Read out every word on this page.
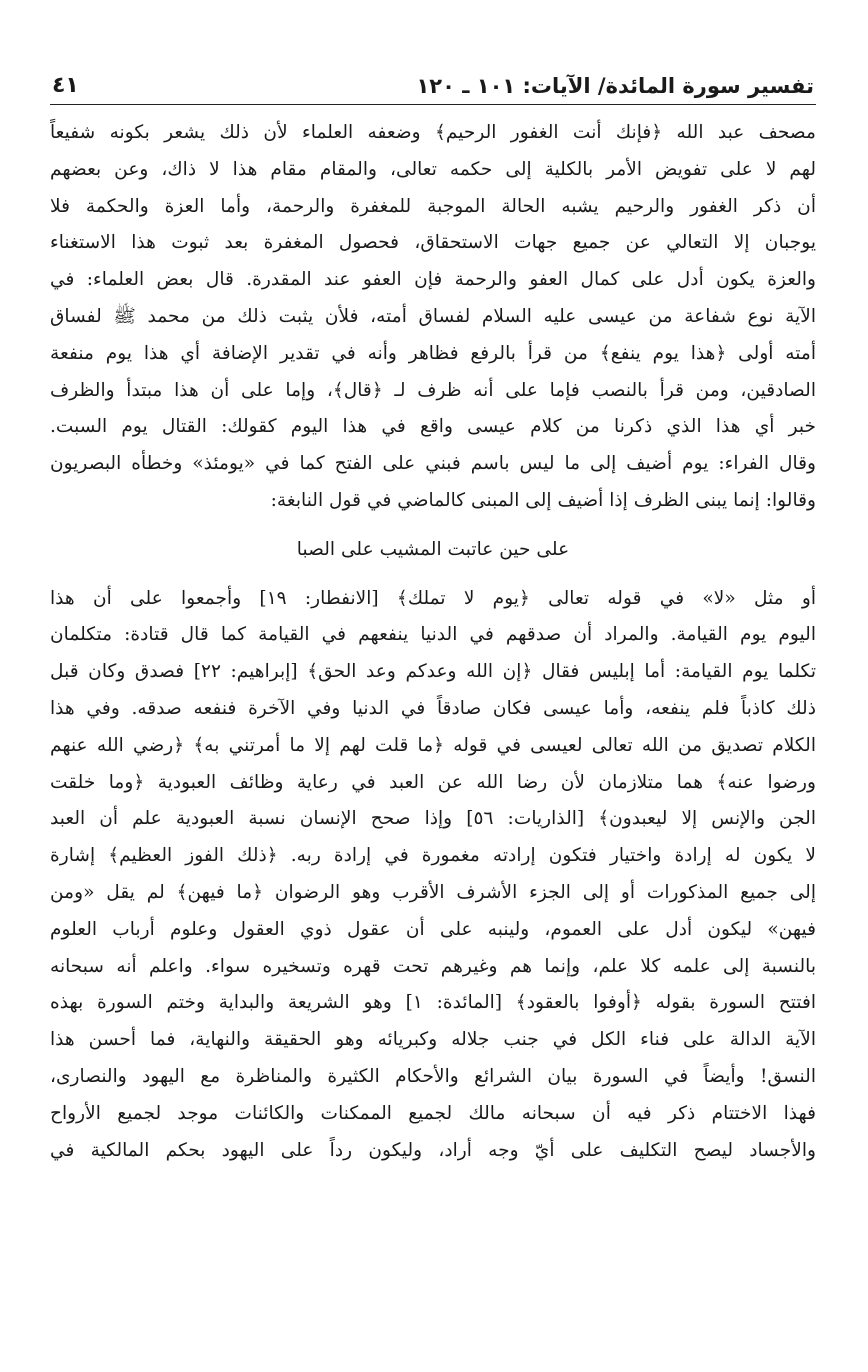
تفسير سورة المائدة/ الآيات: ١٠١ ـ ١٢٠
٤١
مصحف عبد الله ﴿فإنك أنت الغفور الرحيم﴾ وضعفه العلماء لأن ذلك يشعر بكونه شفيعاً
لهم لا على تفويض الأمر بالكلية إلى حكمه تعالى، والمقام مقام هذا لا ذاك، وعن بعضهم
أن ذكر الغفور والرحيم يشبه الحالة الموجبة للمغفرة والرحمة، وأما العزة والحكمة فلا
يوجبان إلا التعالي عن جميع جهات الاستحقاق، فحصول المغفرة بعد ثبوت هذا الاستغناء
والعزة يكون أدل على كمال العفو والرحمة فإن العفو عند المقدرة. قال بعض العلماء: في
الآية نوع شفاعة من عيسى عليه السلام لفساق أمته، فلأن يثبت ذلك من محمد ﷺ لفساق
أمته أولى ﴿هذا يوم ينفع﴾ من قرأ بالرفع فظاهر وأنه في تقدير الإضافة أي هذا يوم منفعة
الصادقين، ومن قرأ بالنصب فإما على أنه ظرف لـ ﴿قال﴾، وإما على أن هذا مبتدأ والظرف
خبر أي هذا الذي ذكرنا من كلام عيسى واقع في هذا اليوم كقولك: القتال يوم السبت.
وقال الفراء: يوم أضيف إلى ما ليس باسم فبني على الفتح كما في «يومئذ» وخطأه البصريون
وقالوا: إنما يبنى الظرف إذا أضيف إلى المبنى كالماضي في قول النابغة:
على حين عاتبت المشيب على الصبا
أو مثل «لا» في قوله تعالى ﴿يوم لا تملك﴾ [الانفطار: ١٩] وأجمعوا على أن هذا
اليوم يوم القيامة. والمراد أن صدقهم في الدنيا ينفعهم في القيامة كما قال قتادة: متكلمان
تكلما يوم القيامة: أما إبليس فقال ﴿إن الله وعدكم وعد الحق﴾ [إبراهيم: ٢٢] فصدق وكان قبل
ذلك كاذباً فلم ينفعه، وأما عيسى فكان صادقاً في الدنيا وفي الآخرة فنفعه صدقه. وفي هذا
الكلام تصديق من الله تعالى لعيسى في قوله ﴿ما قلت لهم إلا ما أمرتني به﴾ ﴿رضي الله عنهم
ورضوا عنه﴾ هما متلازمان لأن رضا الله عن العبد في رعاية وظائف العبودية ﴿وما خلقت
الجن والإنس إلا ليعبدون﴾ [الذاريات: ٥٦] وإذا صحح الإنسان نسبة العبودية علم أن العبد
لا يكون له إرادة واختيار فتكون إرادته مغمورة في إرادة ربه. ﴿ذلك الفوز العظيم﴾ إشارة
إلى جميع المذكورات أو إلى الجزء الأشرف الأقرب وهو الرضوان ﴿ما فيهن﴾ لم يقل «ومن
فيهن» ليكون أدل على العموم، ولينبه على أن عقول ذوي العقول وعلوم أرباب العلوم
بالنسبة إلى علمه كلا علم، وإنما هم وغيرهم تحت قهره وتسخيره سواء. واعلم أنه سبحانه
افتتح السورة بقوله ﴿أوفوا بالعقود﴾ [المائدة: ١] وهو الشريعة والبداية وختم السورة بهذه
الآية الدالة على فناء الكل في جنب جلاله وكبريائه وهو الحقيقة والنهاية، فما أحسن هذا
النسق! وأيضاً في السورة بيان الشرائع والأحكام الكثيرة والمناظرة مع اليهود والنصارى،
فهذا الاختتام ذكر فيه أن سبحانه مالك لجميع الممكنات والكائنات موجد لجميع الأرواح
والأجساد ليصح التكليف على أيّ وجه أراد، وليكون رداً على اليهود بحكم المالكية في
